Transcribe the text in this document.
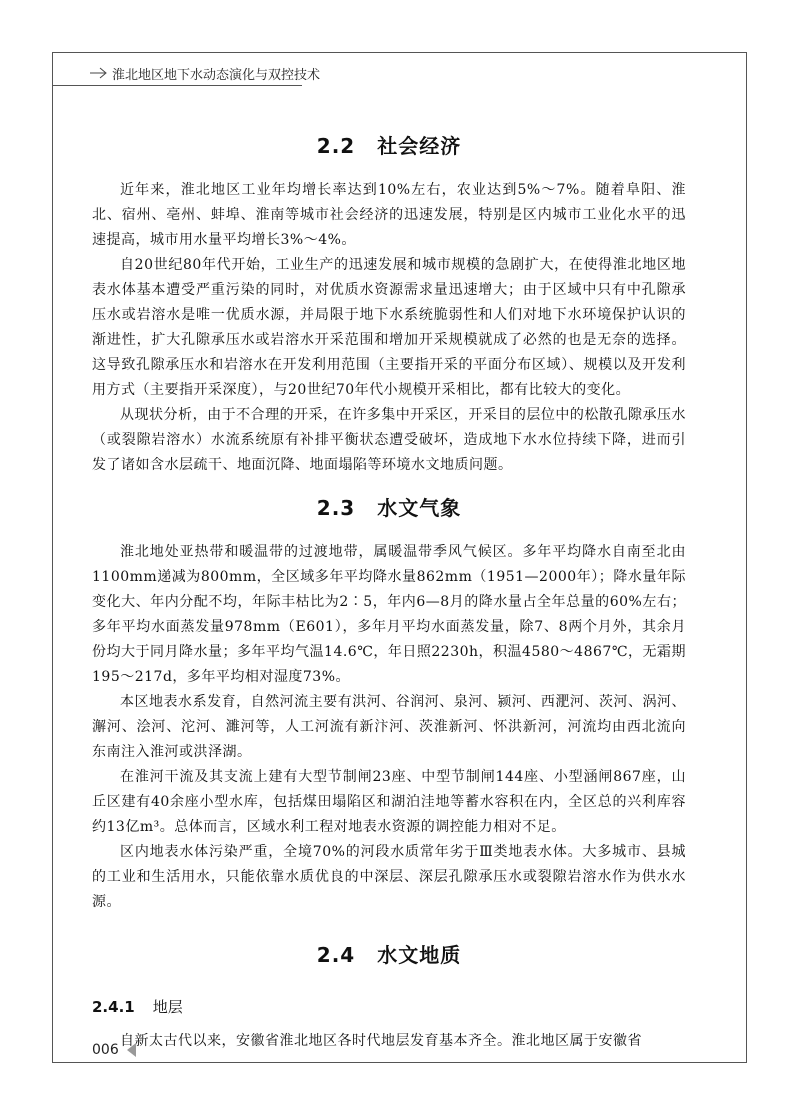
淮北地区地下水动态演化与双控技术
2.2 社会经济

近年来，淮北地区工业年均增长率达到10%左右，农业达到5%～7%。随着阜阳、淮北、宿州、亳州、蚌埠、淮南等城市社会经济的迅速发展，特别是区内城市工业化水平的迅速提高，城市用水量平均增长3%～4%。

自20世纪80年代开始，工业生产的迅速发展和城市规模的急剧扩大，在使得淮北地区地表水体基本遭受严重污染的同时，对优质水资源需求量迅速增大；由于区域中只有中孔隙承压水或岩溶水是唯一优质水源，并局限于地下水系统脆弱性和人们对地下水环境保护认识的渐进性，扩大孔隙承压水或岩溶水开采范围和增加开采规模就成了必然的也是无奈的选择。这导致孔隙承压水和岩溶水在开发利用范围（主要指开采的平面分布区域）、规模以及开发利用方式（主要指开采深度），与20世纪70年代小规模开采相比，都有比较大的变化。

从现状分析，由于不合理的开采，在许多集中开采区，开采目的层位中的松散孔隙承压水（或裂隙岩溶水）水流系统原有补排平衡状态遭受破坏，造成地下水水位持续下降，进而引发了诸如含水层疏干、地面沉降、地面塌陷等环境水文地质问题。

2.3 水文气象

淮北地处亚热带和暖温带的过渡地带，属暖温带季风气候区。多年平均降水自南至北由1100mm递减为800mm，全区域多年平均降水量862mm（1951—2000年）；降水量年际变化大、年内分配不均，年际丰枯比为2∶5，年内6—8月的降水量占全年总量的60%左右；多年平均水面蒸发量978mm（E601），多年月平均水面蒸发量，除7、8两个月外，其余月份均大于同月降水量；多年平均气温14.6℃，年日照2230h，积温4580～4867℃，无霜期195～217d，多年平均相对湿度73%。

本区地表水系发育，自然河流主要有洪河、谷润河、泉河、颍河、西淝河、茨河、涡河、澥河、浍河、沱河、濉河等，人工河流有新汴河、茨淮新河、怀洪新河，河流均由西北流向东南注入淮河或洪泽湖。

在淮河干流及其支流上建有大型节制闸23座、中型节制闸144座、小型涵闸867座，山丘区建有40余座小型水库，包括煤田塌陷区和湖泊洼地等蓄水容积在内，全区总的兴利库容约13亿m³。总体而言，区域水利工程对地表水资源的调控能力相对不足。

区内地表水体污染严重，全境70%的河段水质常年劣于Ⅲ类地表水体。大多城市、县城的工业和生活用水，只能依靠水质优良的中深层、深层孔隙承压水或裂隙岩溶水作为供水水源。

2.4 水文地质
2.4.1 地层

自新太古代以来，安徽省淮北地区各时代地层发育基本齐全。淮北地区属于安徽省

006
